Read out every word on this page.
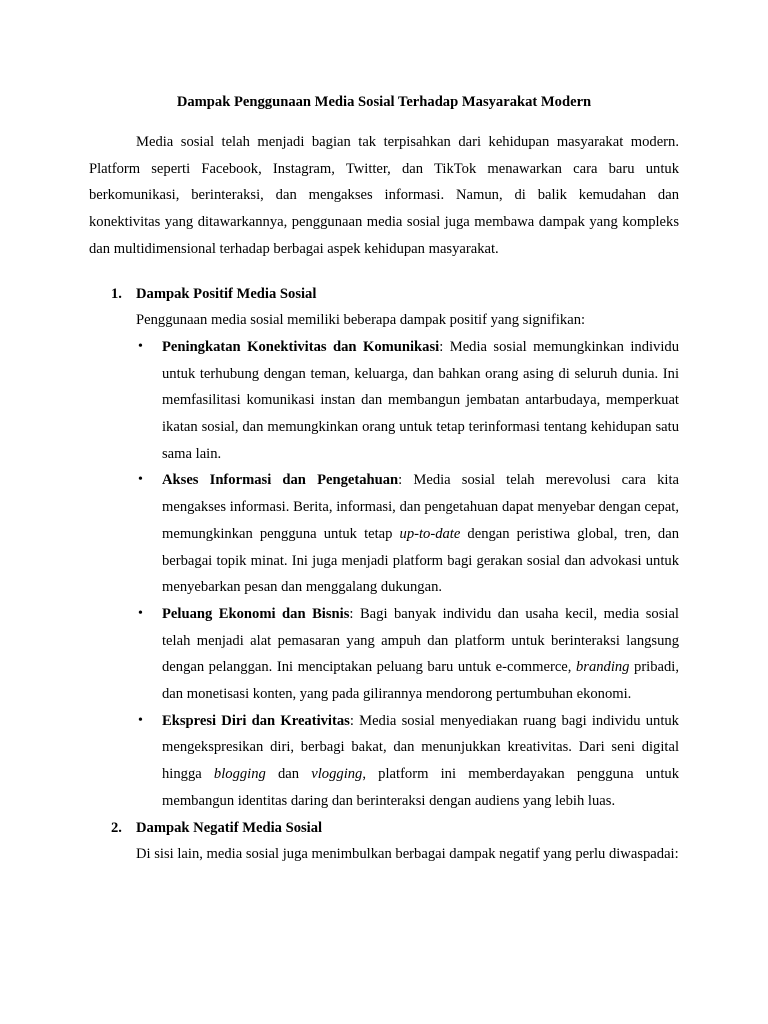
Dampak Penggunaan Media Sosial Terhadap Masyarakat Modern

Media sosial telah menjadi bagian tak terpisahkan dari kehidupan masyarakat modern. Platform seperti Facebook, Instagram, Twitter, dan TikTok menawarkan cara baru untuk berkomunikasi, berinteraksi, dan mengakses informasi. Namun, di balik kemudahan dan konektivitas yang ditawarkannya, penggunaan media sosial juga membawa dampak yang kompleks dan multidimensional terhadap berbagai aspek kehidupan masyarakat.

1. Dampak Positif Media Sosial

Penggunaan media sosial memiliki beberapa dampak positif yang signifikan:

• Peningkatan Konektivitas dan Komunikasi: Media sosial memungkinkan individu untuk terhubung dengan teman, keluarga, dan bahkan orang asing di seluruh dunia. Ini memfasilitasi komunikasi instan dan membangun jembatan antarbudaya, memperkuat ikatan sosial, dan memungkinkan orang untuk tetap terinformasi tentang kehidupan satu sama lain.
• Akses Informasi dan Pengetahuan: Media sosial telah merevolusi cara kita mengakses informasi. Berita, informasi, dan pengetahuan dapat menyebar dengan cepat, memungkinkan pengguna untuk tetap up-to-date dengan peristiwa global, tren, dan berbagai topik minat. Ini juga menjadi platform bagi gerakan sosial dan advokasi untuk menyebarkan pesan dan menggalang dukungan.
• Peluang Ekonomi dan Bisnis: Bagi banyak individu dan usaha kecil, media sosial telah menjadi alat pemasaran yang ampuh dan platform untuk berinteraksi langsung dengan pelanggan. Ini menciptakan peluang baru untuk e-commerce, branding pribadi, dan monetisasi konten, yang pada gilirannya mendorong pertumbuhan ekonomi.
• Ekspresi Diri dan Kreativitas: Media sosial menyediakan ruang bagi individu untuk mengekspresikan diri, berbagi bakat, dan menunjukkan kreativitas. Dari seni digital hingga blogging dan vlogging, platform ini memberdayakan pengguna untuk membangun identitas daring dan berinteraksi dengan audiens yang lebih luas.
2. Dampak Negatif Media Sosial

Di sisi lain, media sosial juga menimbulkan berbagai dampak negatif yang perlu diwaspadai:
